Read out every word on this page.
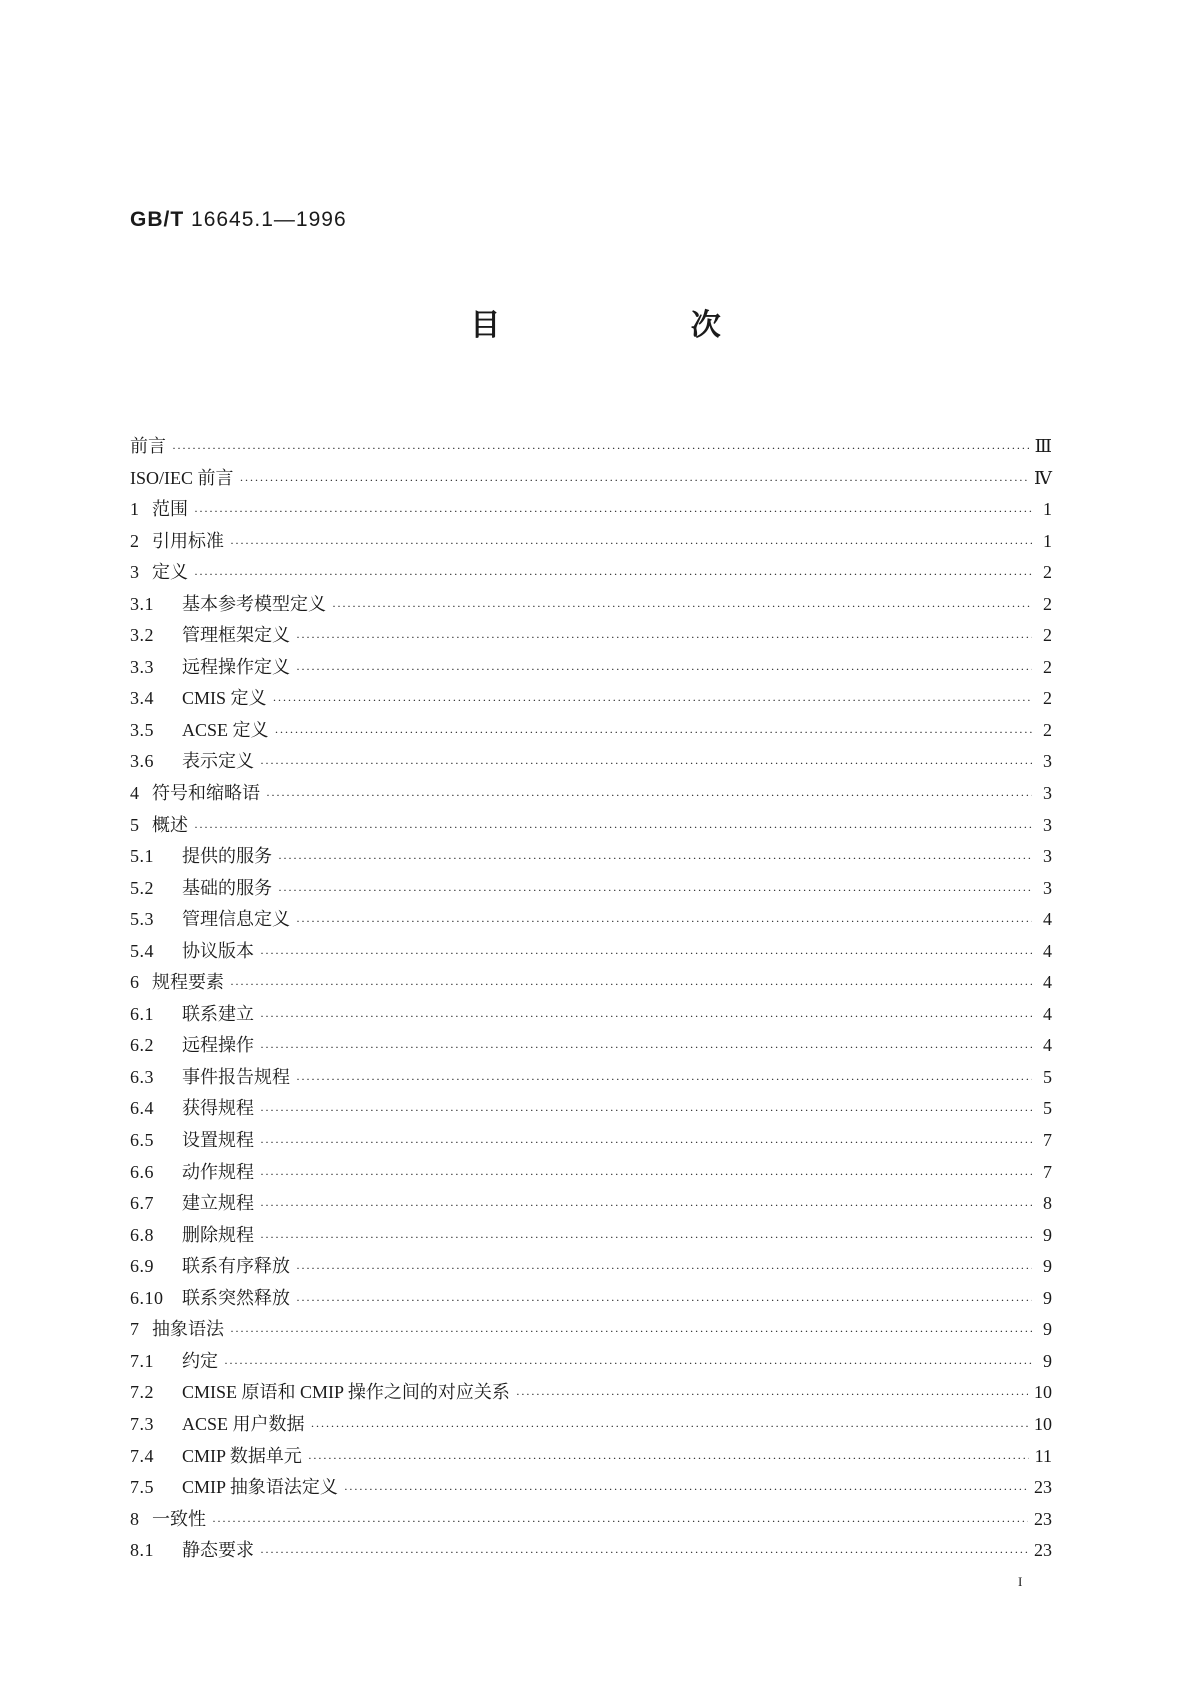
GB/T 16645.1—1996
目 次
前言 ·····	Ⅲ
ISO/IEC 前言 ·····	Ⅳ
1 范围 ·····	1
2 引用标准 ·····	1
3 定义 ·····	2
3.1	基本参考模型定义 ·····	2
3.2	管理框架定义 ·····	2
3.3	远程操作定义 ·····	2
3.4	CMIS 定义 ·····	2
3.5	ACSE 定义 ·····	2
3.6	表示定义 ·····	3
4 符号和缩略语 ·····	3
5 概述 ·····	3
5.1	提供的服务 ·····	3
5.2	基础的服务 ·····	3
5.3	管理信息定义 ·····	4
5.4	协议版本 ·····	4
6 规程要素 ·····	4
6.1	联系建立 ·····	4
6.2	远程操作 ·····	4
6.3	事件报告规程 ·····	5
6.4	获得规程 ·····	5
6.5	设置规程 ·····	7
6.6	动作规程 ·····	7
6.7	建立规程 ·····	8
6.8	删除规程 ·····	9
6.9	联系有序释放 ·····	9
6.10	联系突然释放 ·····	9
7 抽象语法 ·····	9
7.1	约定 ·····	9
7.2	CMISE 原语和 CMIP 操作之间的对应关系 ·····	10
7.3	ACSE 用户数据 ·····	10
7.4	CMIP 数据单元 ·····	11
7.5	CMIP 抽象语法定义 ·····	23
8 一致性 ·····	23
8.1	静态要求 ·····	23
I
